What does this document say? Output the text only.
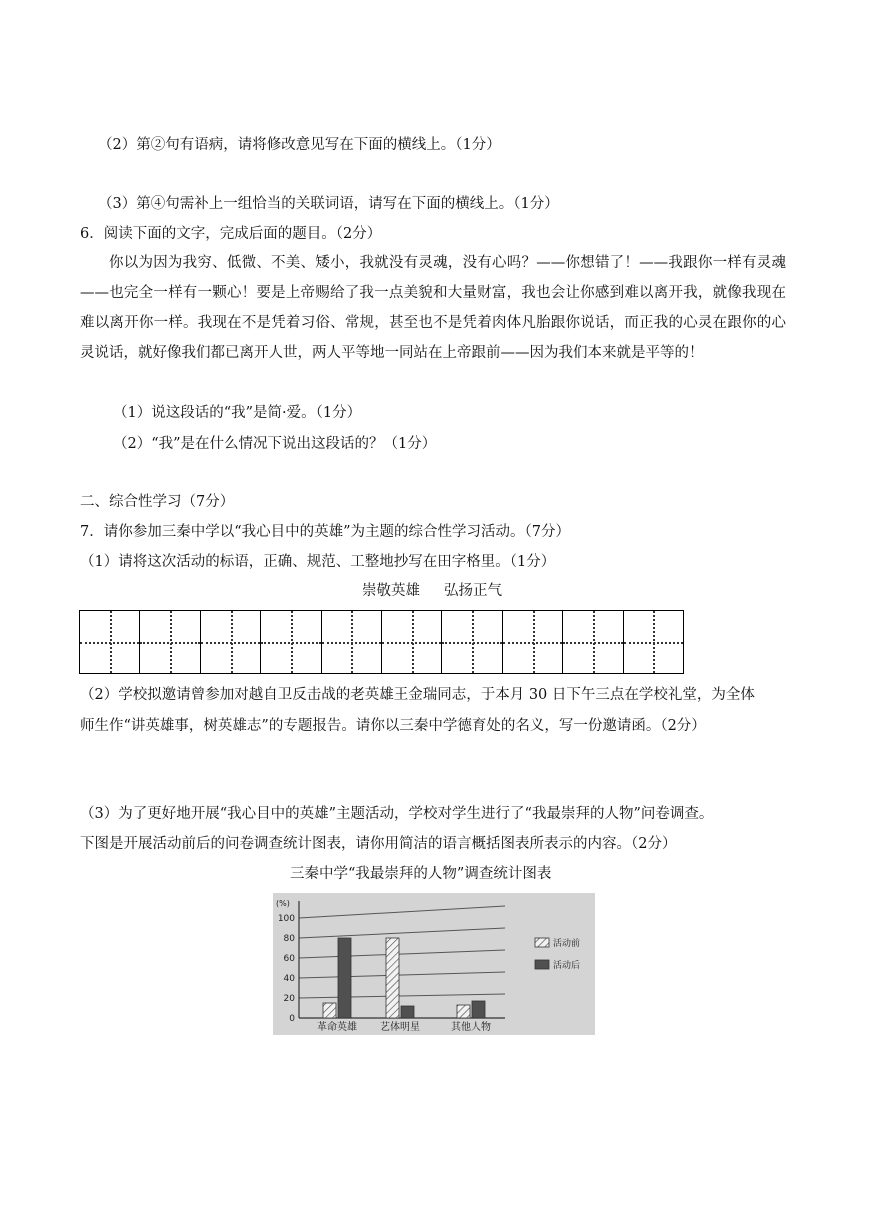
（2）第②句有语病，请将修改意见写在下面的横线上。（1分）
（3）第④句需补上一组恰当的关联词语，请写在下面的横线上。（1分）
6．阅读下面的文字，完成后面的题目。（2分）
你以为因为我穷、低微、不美、矮小，我就没有灵魂，没有心吗？——你想错了！——我跟你一样有灵魂——也完全一样有一颗心！要是上帝赐给了我一点美貌和大量财富，我也会让你感到难以离开我，就像我现在难以离开你一样。我现在不是凭着习俗、常规，甚至也不是凭着肉体凡胎跟你说话，而正我的心灵在跟你的心灵说话，就好像我们都已离开人世，两人平等地一同站在上帝跟前——因为我们本来就是平等的！
（1）说这段话的“我”是简·爱。（1分）
（2）“我”是在什么情况下说出这段话的？（1分）
二、综合性学习（7分）
7．请你参加三秦中学以“我心目中的英雄”为主题的综合性学习活动。（7分）
（1）请将这次活动的标语，正确、规范、工整地抄写在田字格里。（1分）
崇敬英雄 弘扬正气
（2）学校拟邀请曾参加对越自卫反击战的老英雄王金瑞同志，于本月 30 日下午三点在学校礼堂，为全体
师生作“讲英雄事，树英雄志”的专题报告。请你以三秦中学德育处的名义，写一份邀请函。（2分）
（3）为了更好地开展“我心目中的英雄”主题活动，学校对学生进行了“我最崇拜的人物”问卷调查。
下图是开展活动前后的问卷调查统计图表，请你用简洁的语言概括图表所表示的内容。（2分）
三秦中学“我最崇拜的人物”调查统计图表
0
20
40
60
80
100
(%)
革命英雄 艺体明星	其他人物
活动前
活动后
